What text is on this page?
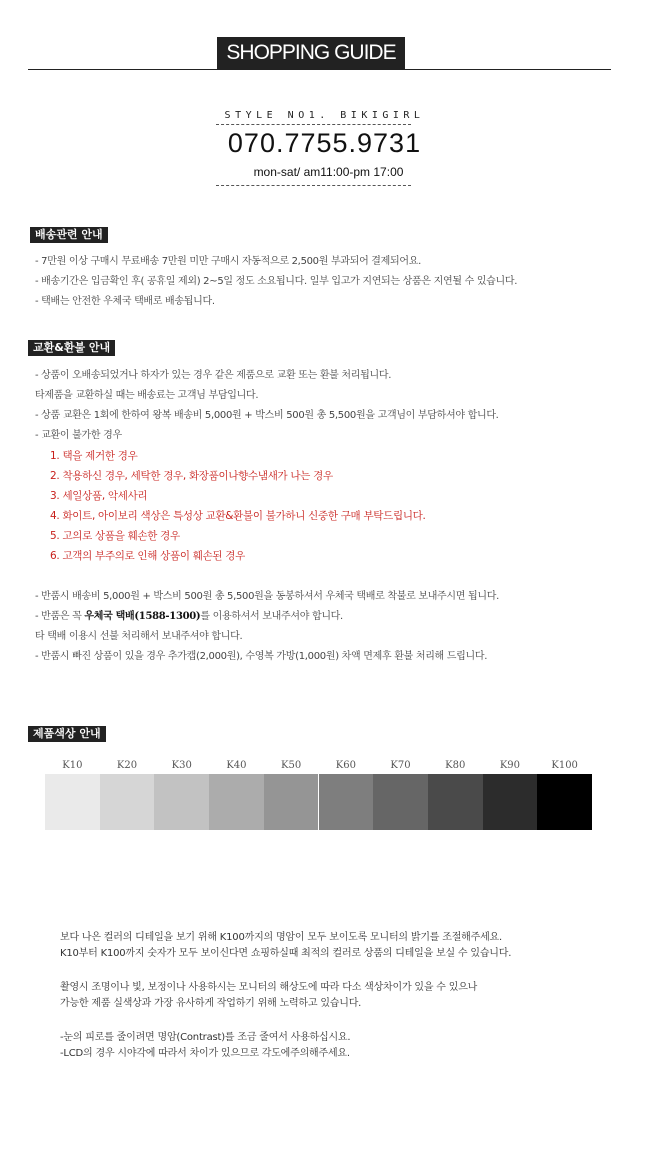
SHOPPING GUIDE
STYLE NO1. BIKIGIRL
070.7755.9731
mon-sat/ am11:00-pm 17:00
배송관련 안내
- 7만원 이상 구매시 무료배송 7만원 미만 구매시 자동적으로 2,500원 부과되어 결제되어요.
- 배송기간은 입금확인 후( 공휴일 제외) 2~5일 정도 소요됩니다. 일부 입고가 지연되는 상품은 지연될 수 있습니다.
- 택배는 안전한 우체국 택배로 배송됩니다.
교환&환불 안내
- 상품이 오배송되었거나 하자가 있는 경우 같은 제품으로 교환 또는 환불 처리됩니다.
타제품을 교환하실 때는 배송료는 고객님 부담입니다.
- 상품 교환은 1회에 한하여 왕복 배송비 5,000원 + 박스비 500원 총 5,500원을 고객님이 부담하셔야 합니다.
- 교환이 불가한 경우
1. 택을 제거한 경우
2. 착용하신 경우, 세탁한 경우, 화장품이나향수냄새가 나는 경우
3. 세일상품, 악세사리
4. 화이트, 아이보리 색상은 특성상 교환&환불이 불가하니 신중한 구매 부탁드립니다.
5. 고의로 상품을 훼손한 경우
6. 고객의 부주의로 인해 상품이 훼손된 경우
- 반품시 배송비 5,000원 + 박스비 500원 총 5,500원을 동봉하셔서 우체국 택배로 착불로 보내주시면 됩니다.
- 반품은 꼭 우체국 택배(1588-1300)를 이용하셔서 보내주셔야 합니다.
타 택배 이용시 선불 처리해서 보내주셔야 합니다.
- 반품시 빠진 상품이 있을 경우 추가캡(2,000원), 수영복 가방(1,000원) 차액 면제후 환불 처리해 드립니다.
제품색상 안내
K10	K20	K30	K40	K50	K60	K70	K80	K90	K100
보다 나은 컬러의 디테일을 보기 위해 K100까지의 명암이 모두 보이도록 모니터의 밝기를 조절해주세요.
K10부터 K100까지 숫자가 모두 보이신다면 쇼핑하실때 최적의 컬러로 상품의 디테일을 보실 수 있습니다.
촬영시 조명이나 빛, 보정이나 사용하시는 모니터의 해상도에 따라 다소 색상차이가 있을 수 있으나
가능한 제품 실색상과 가장 유사하게 작업하기 위해 노력하고 있습니다.
-눈의 피로를 줄이려면 명암(Contrast)를 조금 줄여서 사용하십시요.
-LCD의 경우 시야각에 따라서 차이가 있으므로 각도에주의해주세요.
